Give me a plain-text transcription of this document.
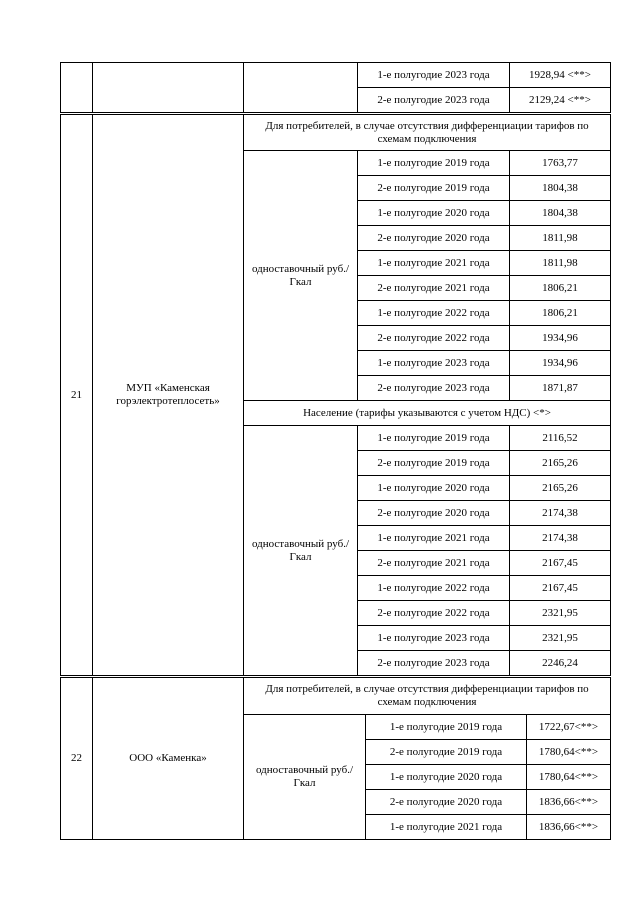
			1-е полугодие 2023 года	1928,94 <**>
			2-е полугодие 2023 года	2129,24 <**>
21	МУП «Каменская горэлектротеплосеть»	Для потребителей, в случае отсутствия дифференциации тарифов по схемам подключения		
		одноставочный руб./Гкал	1-е полугодие 2019 года	1763,77
			2-е полугодие 2019 года	1804,38
			1-е полугодие 2020 года	1804,38
			2-е полугодие 2020 года	1811,98
			1-е полугодие 2021 года	1811,98
			2-е полугодие 2021 года	1806,21
			1-е полугодие 2022 года	1806,21
			2-е полугодие 2022 года	1934,96
			1-е полугодие 2023 года	1934,96
			2-е полугодие 2023 года	1871,87
		Население (тарифы указываются с учетом НДС) <*>		
		одноставочный руб./Гкал	1-е полугодие 2019 года	2116,52
			2-е полугодие 2019 года	2165,26
			1-е полугодие 2020 года	2165,26
			2-е полугодие 2020 года	2174,38
			1-е полугодие 2021 года	2174,38
			2-е полугодие 2021 года	2167,45
			1-е полугодие 2022 года	2167,45
			2-е полугодие 2022 года	2321,95
			1-е полугодие 2023 года	2321,95
			2-е полугодие 2023 года	2246,24
22	ООО «Каменка»	Для потребителей, в случае отсутствия дифференциации тарифов по схемам подключения		
		одноставочный руб./Гкал	1-е полугодие 2019 года	1722,67<**>
			2-е полугодие 2019 года	1780,64<**>
			1-е полугодие 2020 года	1780,64<**>
			2-е полугодие 2020 года	1836,66<**>
			1-е полугодие 2021 года	1836,66<**>
